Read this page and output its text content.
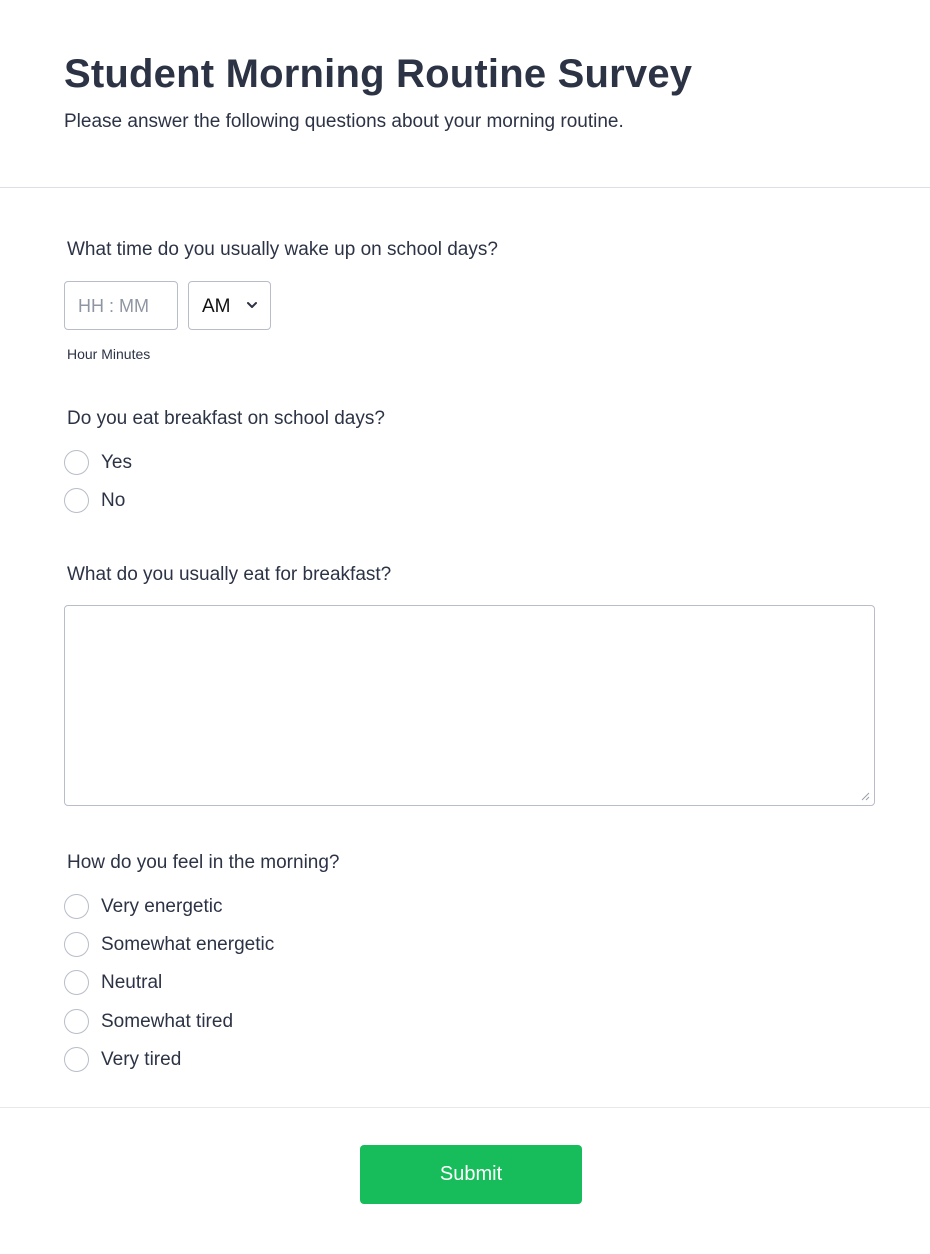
Student Morning Routine Survey
Please answer the following questions about your morning routine.
What time do you usually wake up on school days?
HH : MM	AM
Hour Minutes
Do you eat breakfast on school days?
Yes
No
What do you usually eat for breakfast?
How do you feel in the morning?
Very energetic
Somewhat energetic
Neutral
Somewhat tired
Very tired
Submit
